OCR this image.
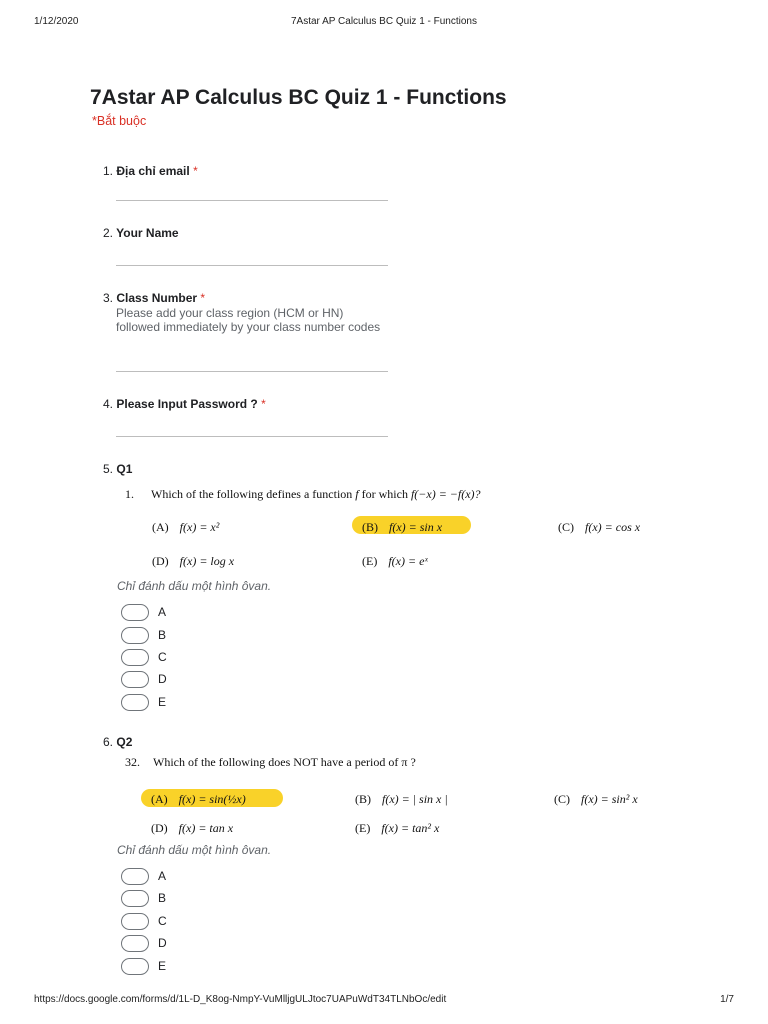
1/12/2020	7Astar AP Calculus BC Quiz 1 - Functions
7Astar AP Calculus BC Quiz 1 - Functions
*Bắt buộc
1. Địa chỉ email *
2. Your Name
3. Class Number *
Please add your class region (HCM or HN) followed immediately by your class number codes
4. Please Input Password ? *
5. Q1
1. Which of the following defines a function f for which f(−x) = −f(x)?
(A) f(x) = x²	(B) f(x) = sin x	(C) f(x) = cos x
(D) f(x) = log x	(E) f(x) = eˣ
Chỉ đánh dấu một hình ôvan.
A
B
C
D
E
6. Q2
32. Which of the following does NOT have a period of π ?
(A) f(x) = sin(½x)	(B) f(x) = | sin x |	(C) f(x) = sin² x
(D) f(x) = tan x	(E) f(x) = tan² x
Chỉ đánh dấu một hình ôvan.
A
B
C
D
E
https://docs.google.com/forms/d/1L-D_K8og-NmpY-VuMlljgULJtoc7UAPuWdT34TLNbOc/edit	1/7
